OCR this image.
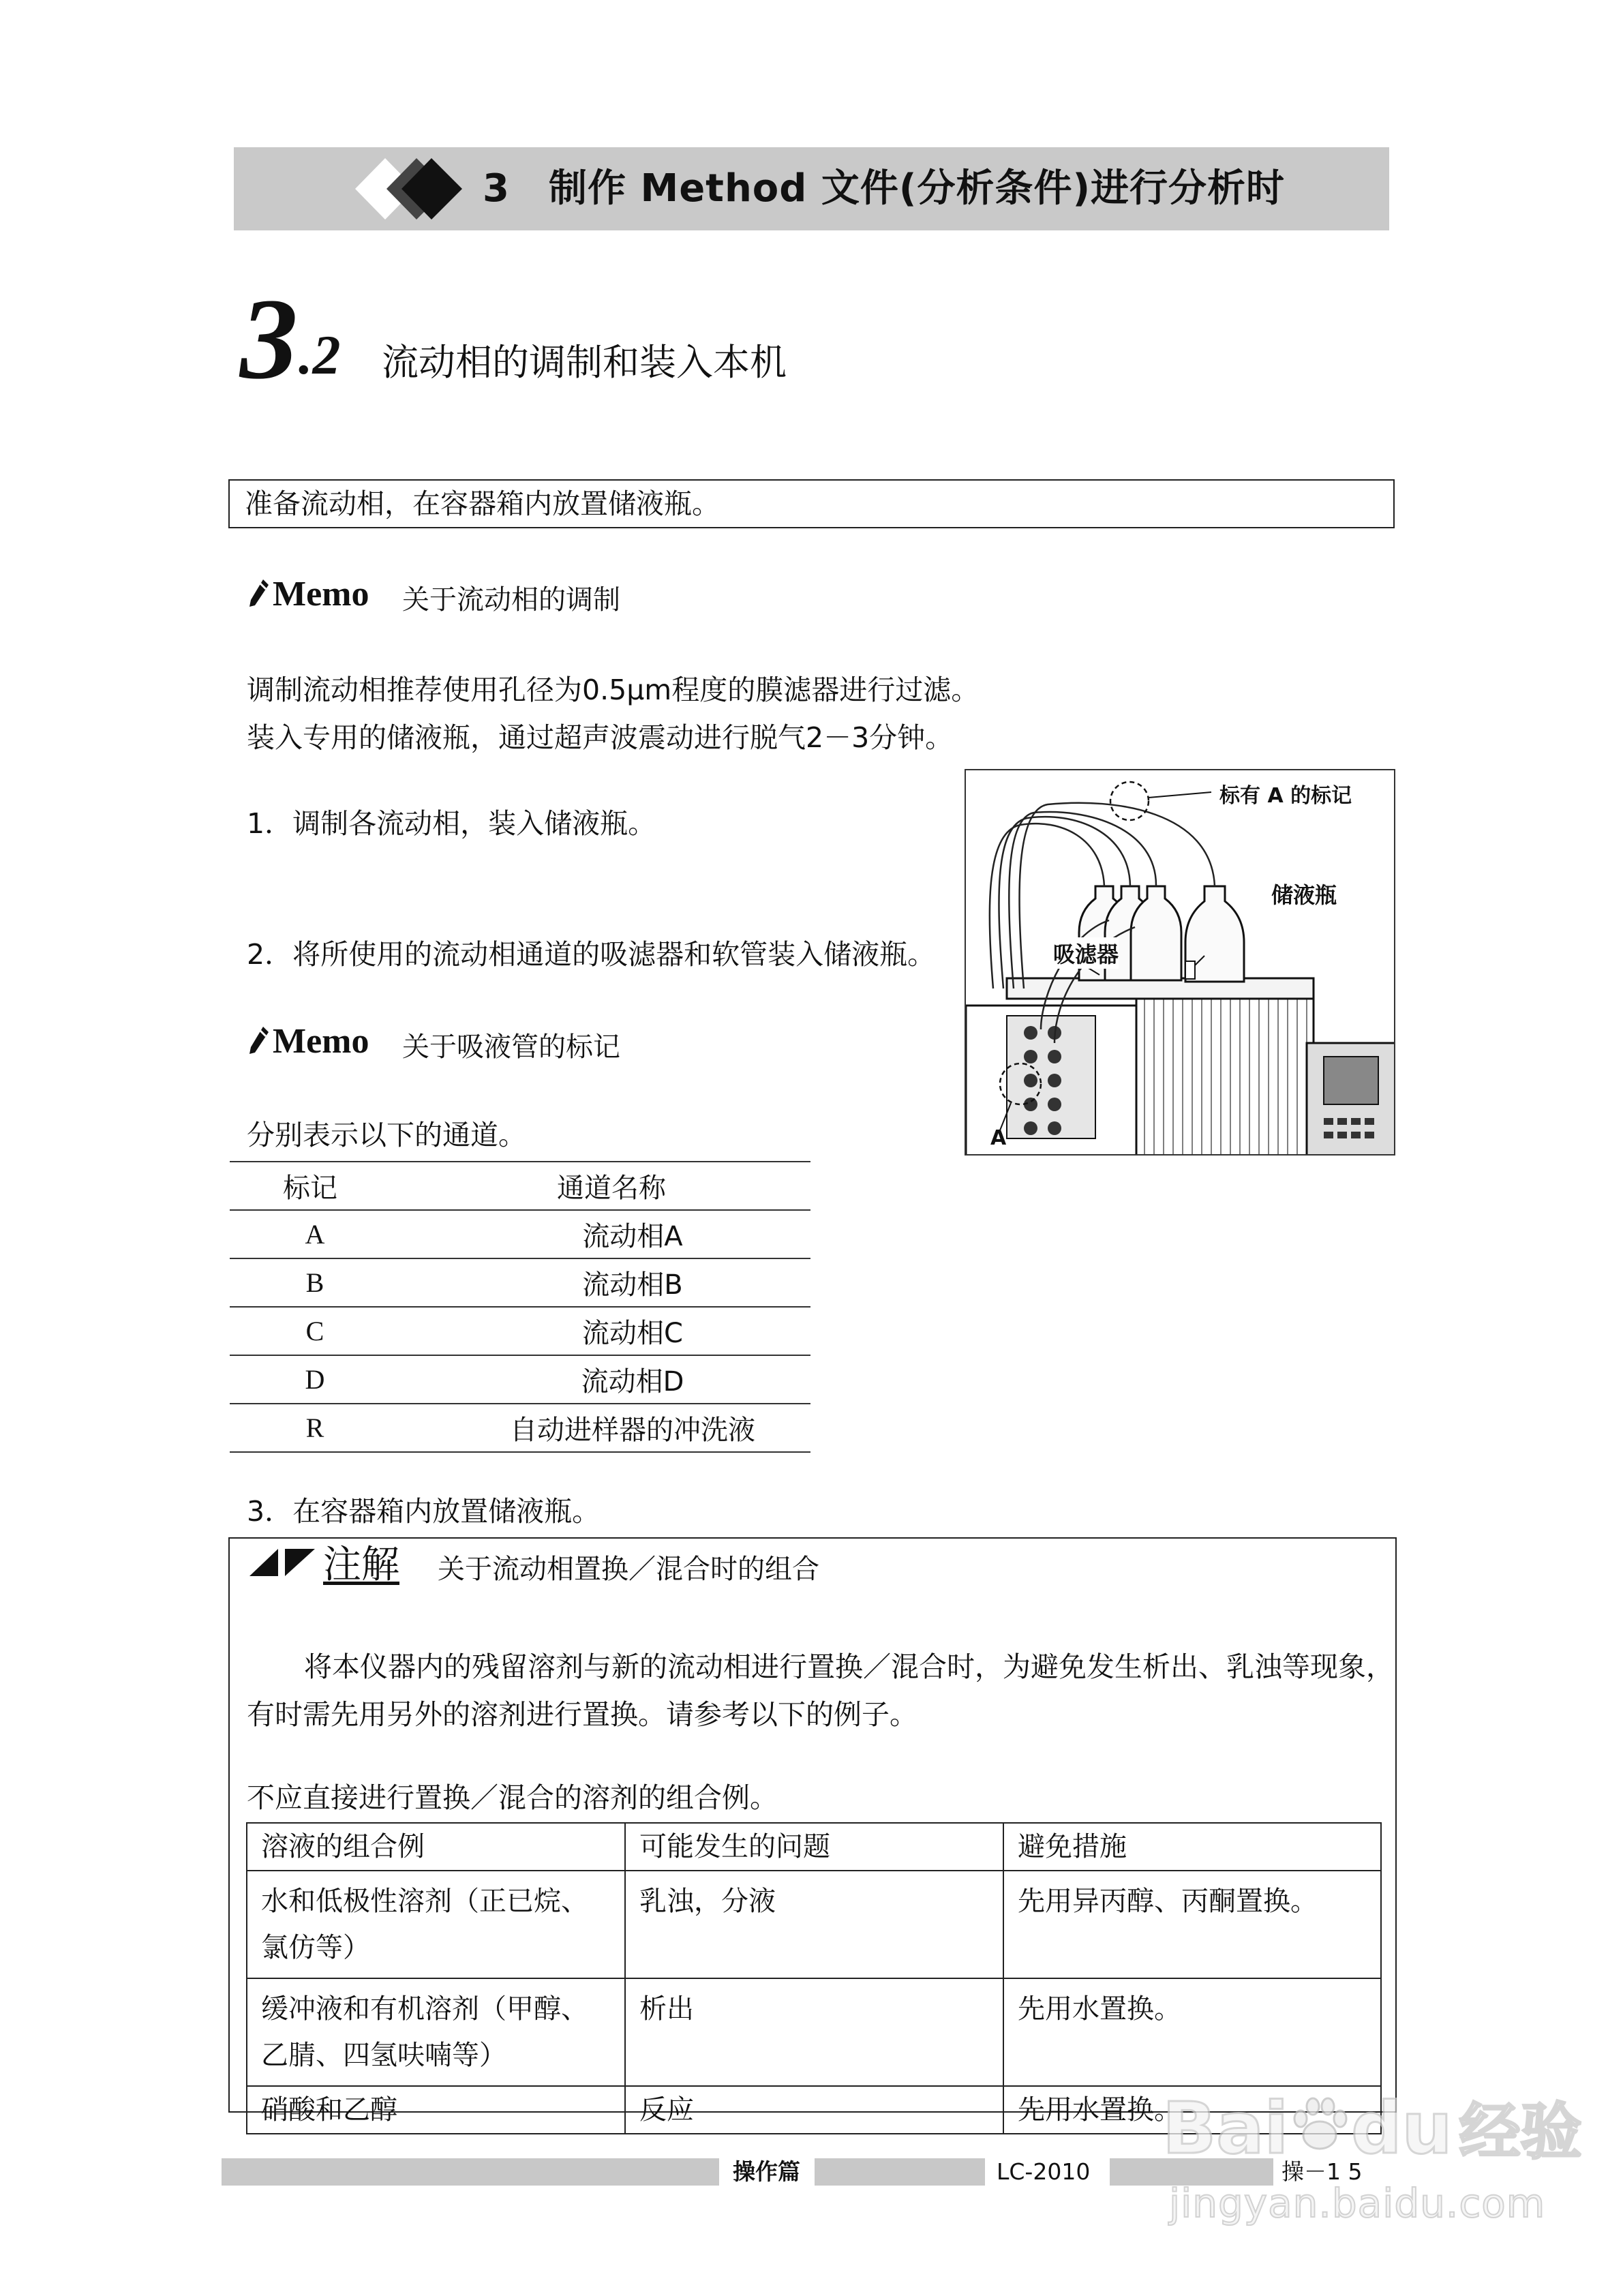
3　制作 Method 文件(分析条件)进行分析时
3 .2 流动相的调制和装入本机
准备流动相，在容器箱内放置储液瓶。
Memo 关于流动相的调制
调制流动相推荐使用孔径为0.5μm程度的膜滤器进行过滤。
装入专用的储液瓶，通过超声波震动进行脱气2－3分钟。
1．调制各流动相，装入储液瓶。
2．将所使用的流动相通道的吸滤器和软管装入储液瓶。
标有 A 的标记
储液瓶
吸滤器
A
Memo 关于吸液管的标记
分别表示以下的通道。
标记	通道名称
A	流动相A
B	流动相B
C	流动相C
D	流动相D
R	自动进样器的冲洗液
3．在容器箱内放置储液瓶。
注解 关于流动相置换／混合时的组合
将本仪器内的残留溶剂与新的流动相进行置换／混合时，为避免发生析出、乳浊等现象，
有时需先用另外的溶剂进行置换。请参考以下的例子。
不应直接进行置换／混合的溶剂的组合例。
溶液的组合例	可能发生的问题	避免措施

水和低极性溶剂（正已烷、
氯仿等）	乳浊，分液	先用异丙醇、丙酮置换。

缓冲液和有机溶剂（甲醇、
乙腈、四氢呋喃等）	析出	先用水置换。

硝酸和乙醇	反应	先用水置换。
操作篇	LC-2010	操－1 5
Bai du 经验
jingyan.baidu.com
